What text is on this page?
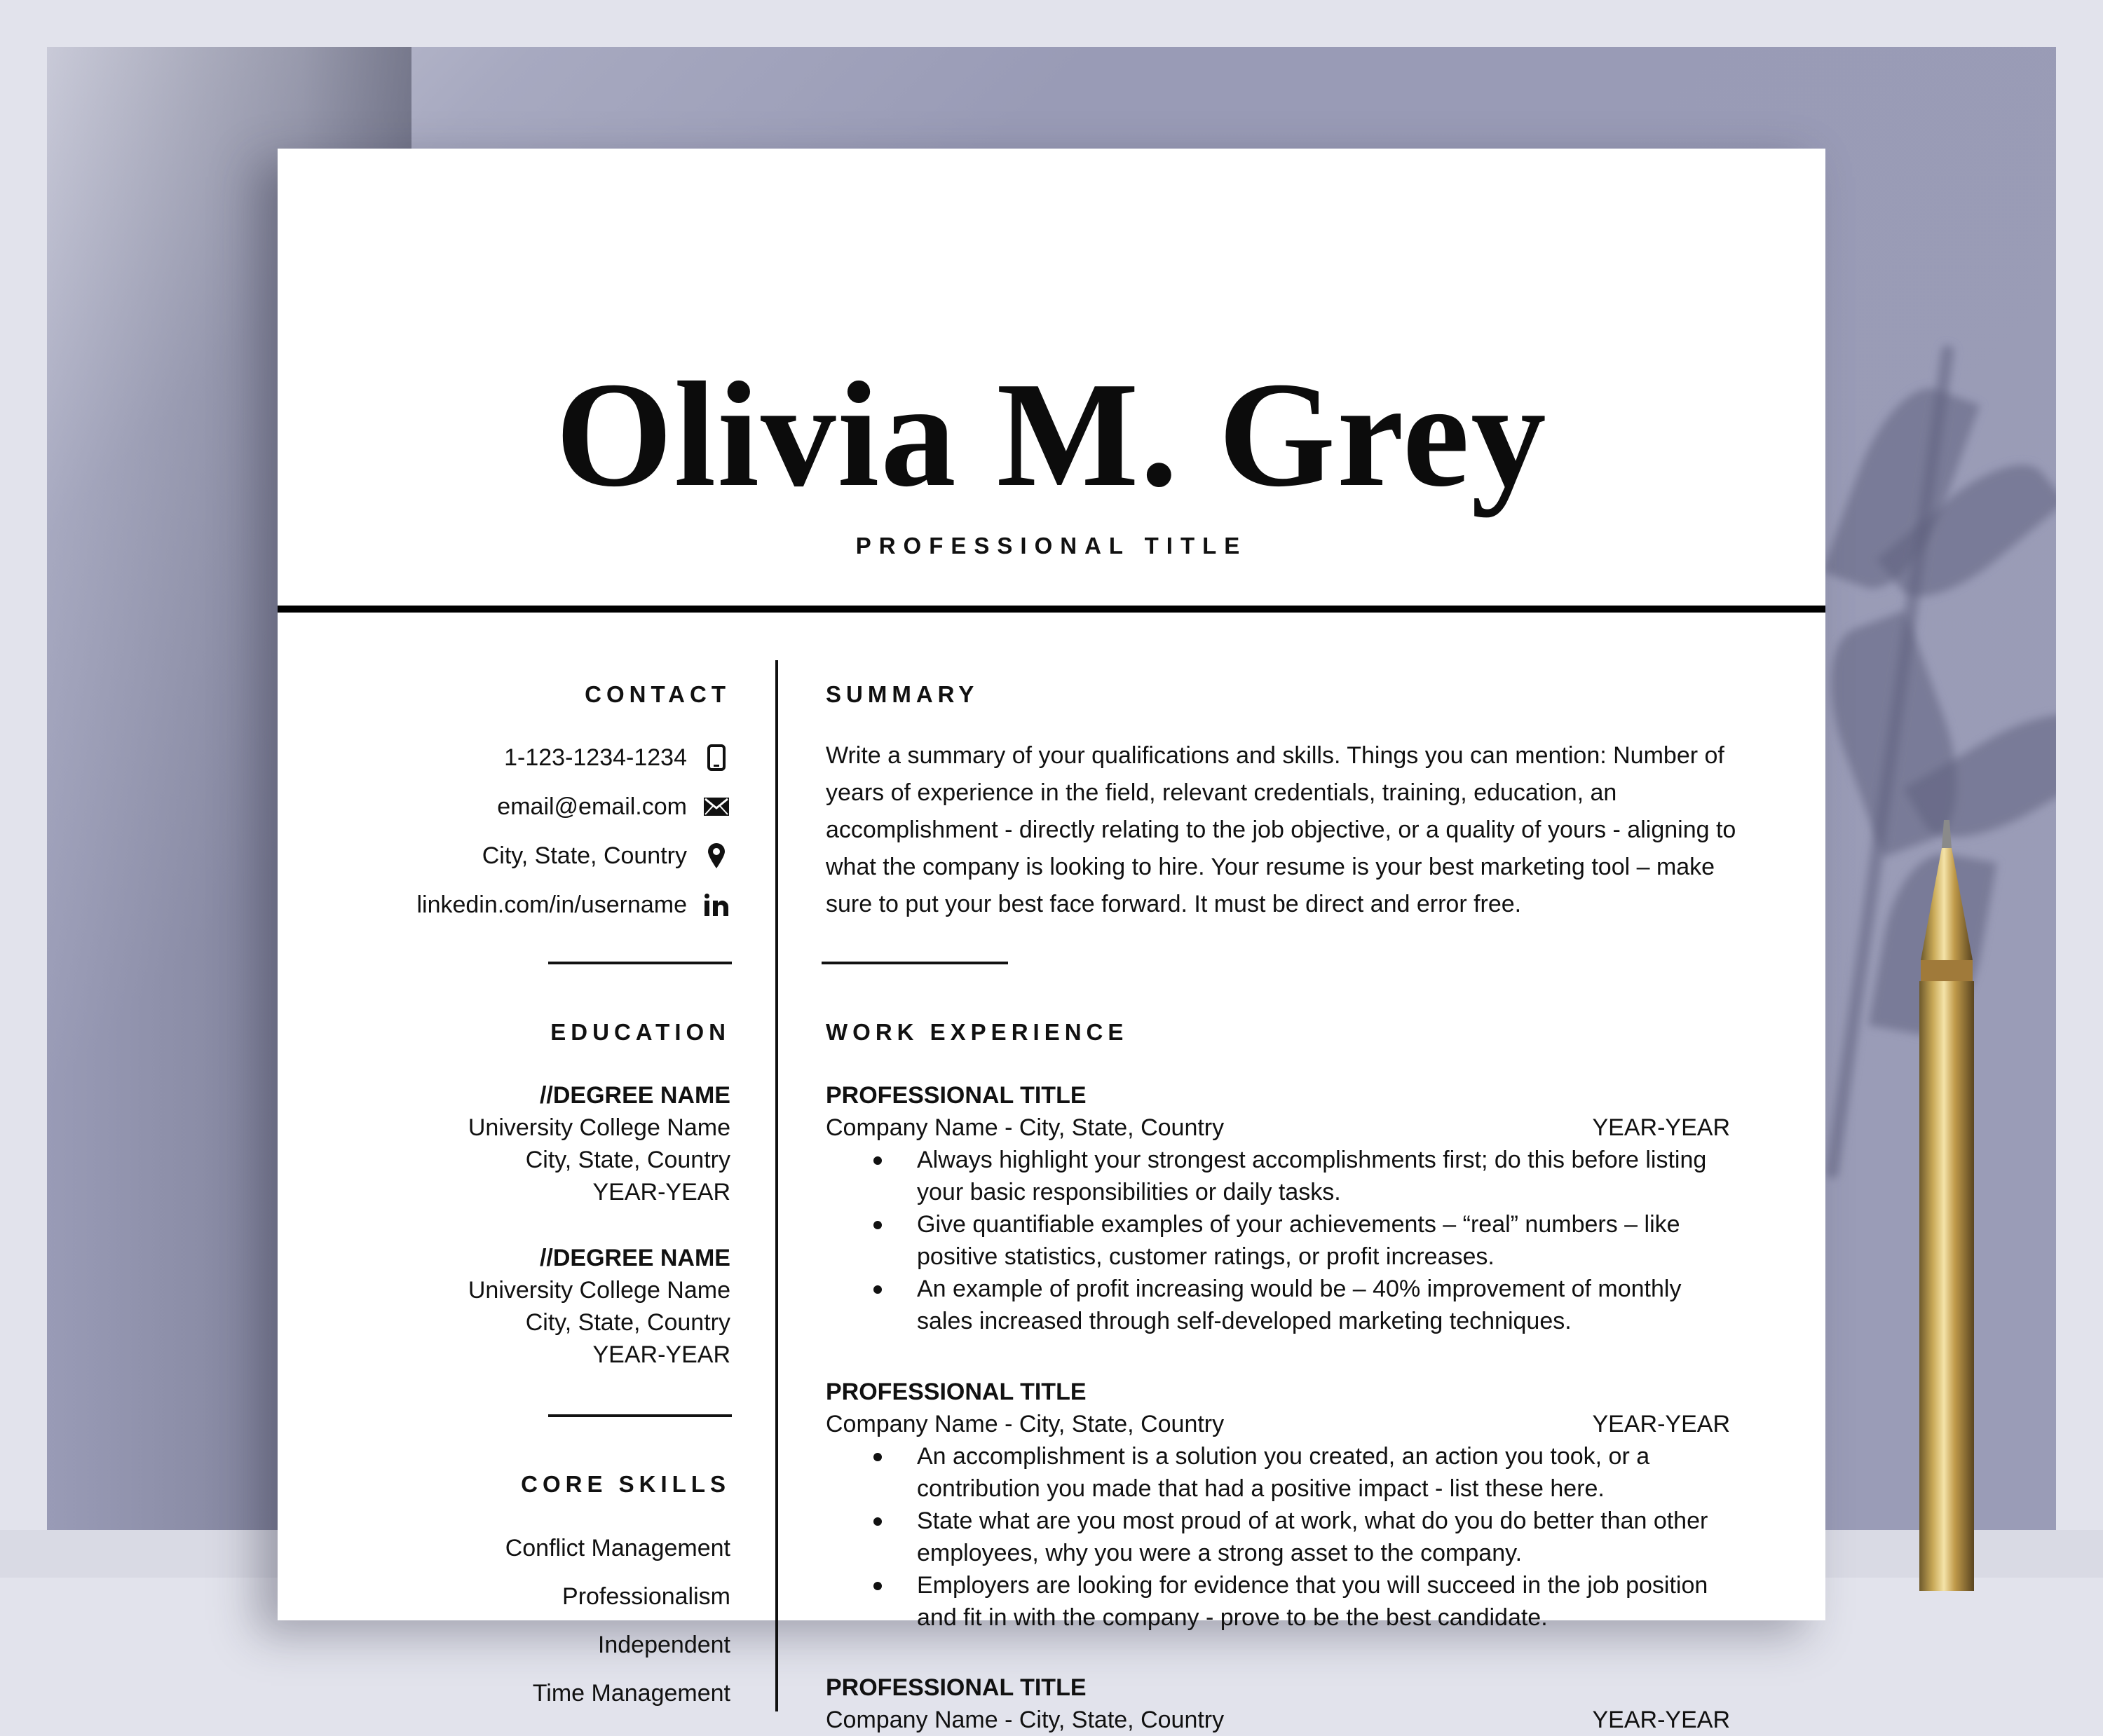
Olivia M. Grey
PROFESSIONAL TITLE
CONTACT
1-123-1234-1234
email@email.com
City, State, Country
linkedin.com/in/username
EDUCATION
//DEGREE NAME
University College Name
City, State, Country
YEAR-YEAR
//DEGREE NAME
University College Name
City, State, Country
YEAR-YEAR
CORE SKILLS
Conflict Management
Professionalism
Independent
Time Management
SUMMARY
Write a summary of your qualifications and skills. Things you can mention: Number of years of experience in the field, relevant credentials, training, education, an accomplishment - directly relating to the job objective, or a quality of yours - aligning to what the company is looking to hire. Your resume is your best marketing tool – make sure to put your best face forward. It must be direct and error free.
WORK EXPERIENCE
PROFESSIONAL TITLE
Company Name - City, State, Country	YEAR-YEAR
Always highlight your strongest accomplishments first; do this before listing your basic responsibilities or daily tasks.
Give quantifiable examples of your achievements – “real” numbers – like positive statistics, customer ratings, or profit increases.
An example of profit increasing would be – 40% improvement of monthly sales increased through self-developed marketing techniques.
PROFESSIONAL TITLE
Company Name - City, State, Country	YEAR-YEAR
An accomplishment is a solution you created, an action you took, or a contribution you made that had a positive impact - list these here.
State what are you most proud of at work, what do you do better than other employees, why you were a strong asset to the company.
Employers are looking for evidence that you will succeed in the job position and fit in with the company - prove to be the best candidate.
PROFESSIONAL TITLE
Company Name - City, State, Country	YEAR-YEAR
